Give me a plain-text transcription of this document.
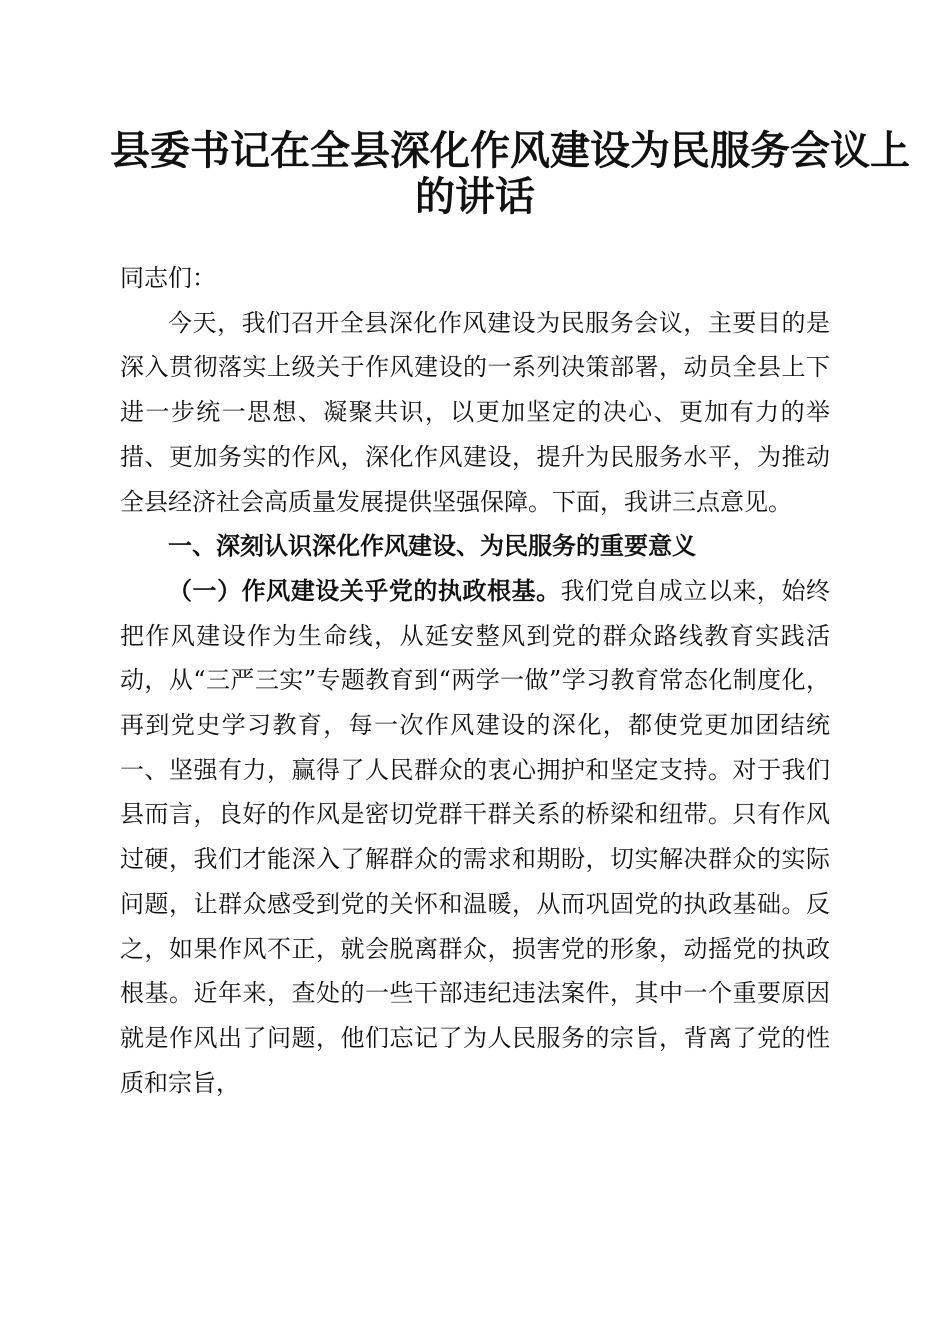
县委书记在全县深化作风建设为民服务会议上
的讲话

同志们：

今天，我们召开全县深化作风建设为民服务会议，主要目的是深入贯彻落实上级关于作风建设的一系列决策部署，动员全县上下进一步统一思想、凝聚共识，以更加坚定的决心、更加有力的举措、更加务实的作风，深化作风建设，提升为民服务水平，为推动全县经济社会高质量发展提供坚强保障。下面，我讲三点意见。

一、深刻认识深化作风建设、为民服务的重要意义

（一）作风建设关乎党的执政根基。我们党自成立以来，始终把作风建设作为生命线，从延安整风到党的群众路线教育实践活动，从“三严三实”专题教育到“两学一做”学习教育常态化制度化，再到党史学习教育，每一次作风建设的深化，都使党更加团结统一、坚强有力，赢得了人民群众的衷心拥护和坚定支持。对于我们县而言，良好的作风是密切党群干群关系的桥梁和纽带。只有作风过硬，我们才能深入了解群众的需求和期盼，切实解决群众的实际问题，让群众感受到党的关怀和温暖，从而巩固党的执政基础。反之，如果作风不正，就会脱离群众，损害党的形象，动摇党的执政根基。近年来，查处的一些干部违纪违法案件，其中一个重要原因就是作风出了问题，他们忘记了为人民服务的宗旨，背离了党的性质和宗旨，
